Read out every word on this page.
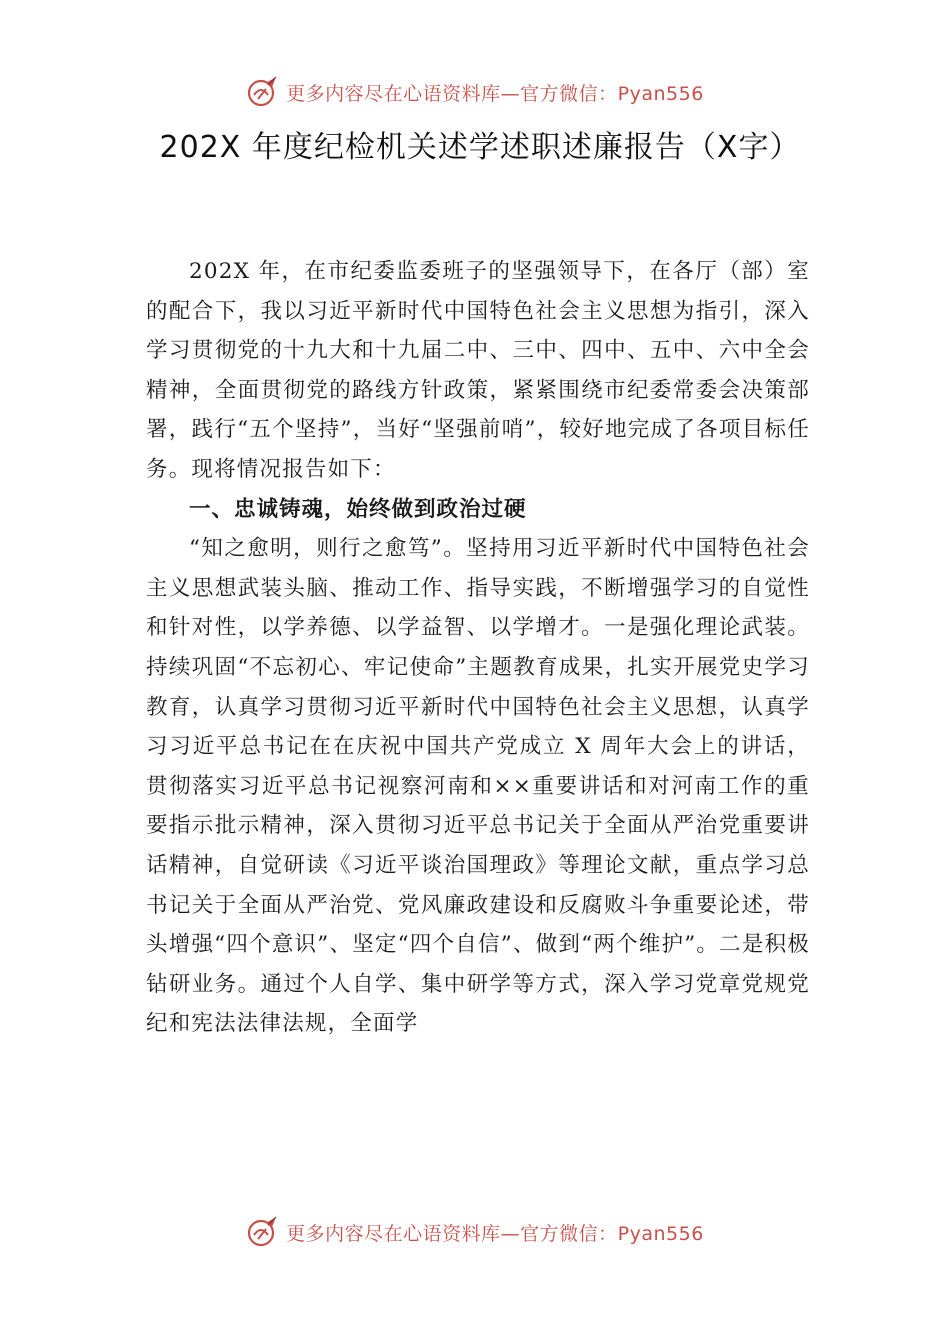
更多内容尽在心语资料库—官方微信：Pyan556
202X 年度纪检机关述学述职述廉报告（X字）

202X 年，在市纪委监委班子的坚强领导下，在各厅（部）室的配合下，我以习近平新时代中国特色社会主义思想为指引，深入学习贯彻党的十九大和十九届二中、三中、四中、五中、六中全会精神，全面贯彻党的路线方针政策，紧紧围绕市纪委常委会决策部署，践行“五个坚持”，当好“坚强前哨”，较好地完成了各项目标任务。现将情况报告如下：

一、忠诚铸魂，始终做到政治过硬

“知之愈明，则行之愈笃”。坚持用习近平新时代中国特色社会主义思想武装头脑、推动工作、指导实践，不断增强学习的自觉性和针对性，以学养德、以学益智、以学增才。一是强化理论武装。持续巩固“不忘初心、牢记使命”主题教育成果，扎实开展党史学习教育，认真学习贯彻习近平新时代中国特色社会主义思想，认真学习习近平总书记在在庆祝中国共产党成立 X 周年大会上的讲话，贯彻落实习近平总书记视察河南和××重要讲话和对河南工作的重要指示批示精神，深入贯彻习近平总书记关于全面从严治党重要讲话精神，自觉研读《习近平谈治国理政》等理论文献，重点学习总书记关于全面从严治党、党风廉政建设和反腐败斗争重要论述，带头增强“四个意识”、坚定“四个自信”、做到“两个维护”。二是积极钻研业务。通过个人自学、集中研学等方式，深入学习党章党规党纪和宪法法律法规，全面学

更多内容尽在心语资料库—官方微信：Pyan556
